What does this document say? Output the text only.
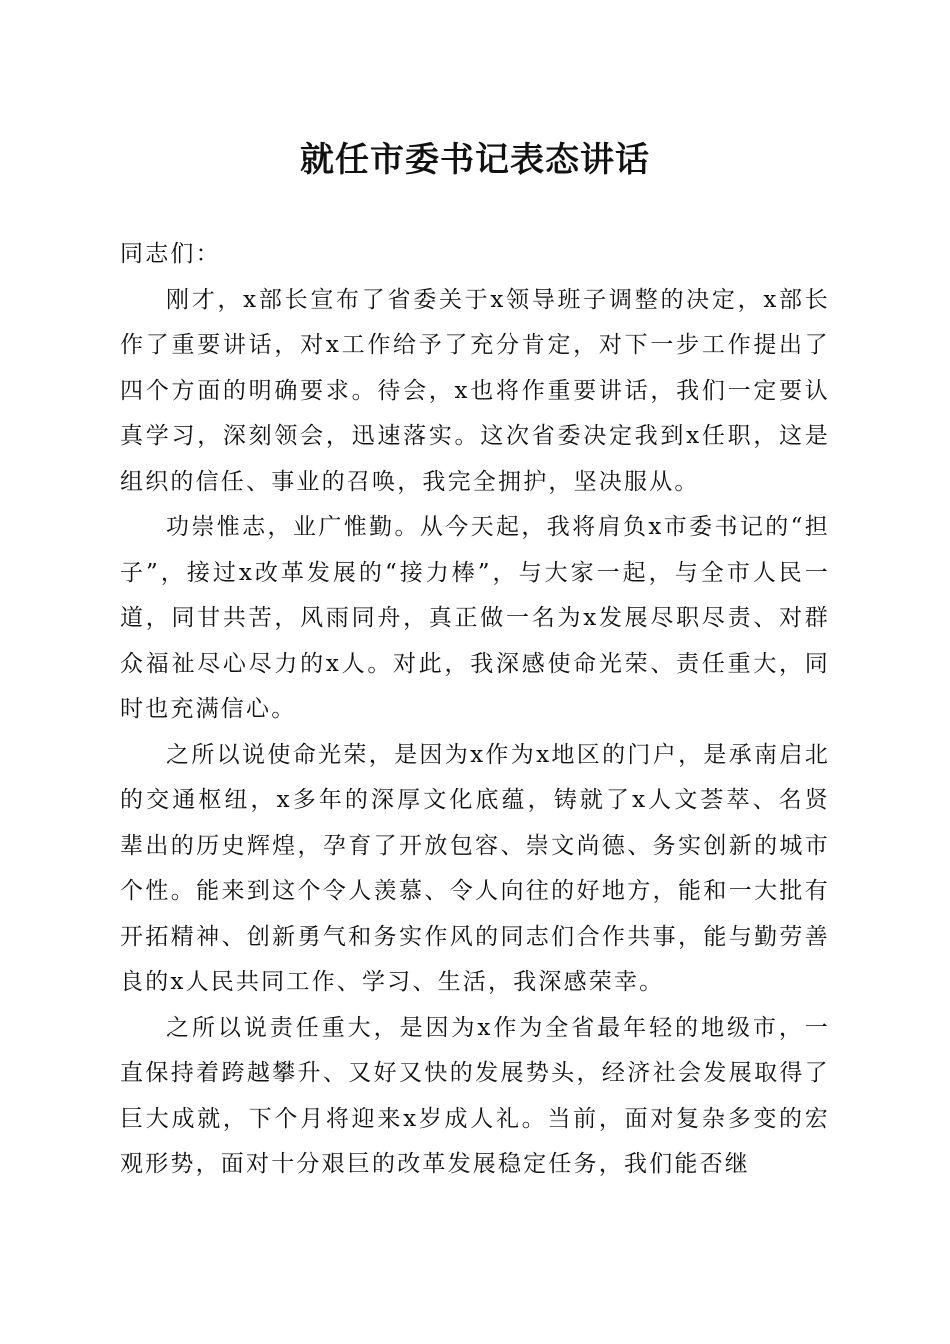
就任市委书记表态讲话

同志们：

刚才，x部长宣布了省委关于x领导班子调整的决定，x部长作了重要讲话，对x工作给予了充分肯定，对下一步工作提出了四个方面的明确要求。待会，x也将作重要讲话，我们一定要认真学习，深刻领会，迅速落实。这次省委决定我到x任职，这是组织的信任、事业的召唤，我完全拥护，坚决服从。

功崇惟志，业广惟勤。从今天起，我将肩负x市委书记的“担子”，接过x改革发展的“接力棒”，与大家一起，与全市人民一道，同甘共苦，风雨同舟，真正做一名为x发展尽职尽责、对群众福祉尽心尽力的x人。对此，我深感使命光荣、责任重大，同时也充满信心。

之所以说使命光荣，是因为x作为x地区的门户，是承南启北的交通枢纽，x多年的深厚文化底蕴，铸就了x人文荟萃、名贤辈出的历史辉煌，孕育了开放包容、崇文尚德、务实创新的城市个性。能来到这个令人羡慕、令人向往的好地方，能和一大批有开拓精神、创新勇气和务实作风的同志们合作共事，能与勤劳善良的x人民共同工作、学习、生活，我深感荣幸。

之所以说责任重大，是因为x作为全省最年轻的地级市，一直保持着跨越攀升、又好又快的发展势头，经济社会发展取得了巨大成就，下个月将迎来x岁成人礼。当前，面对复杂多变的宏观形势，面对十分艰巨的改革发展稳定任务，我们能否继
